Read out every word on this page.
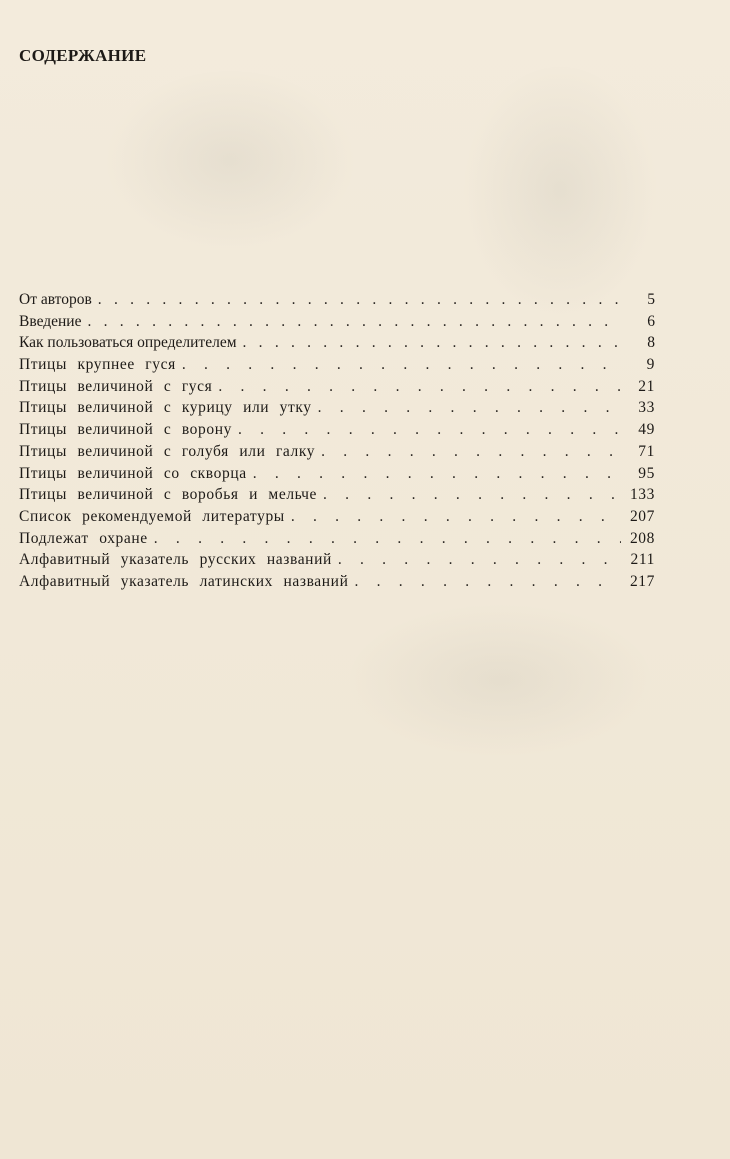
СОДЕРЖАНИЕ
От авторов . . .	5
Введение . . .	6
Как пользоваться определителем . . .	8
Птицы крупнее гуся . . .	9
Птицы величиной с гуся . . .	21
Птицы величиной с курицу или утку . . .	33
Птицы величиной с ворону . . .	49
Птицы величиной с голубя или галку . . .	71
Птицы величиной со скворца . . .	95
Птицы величиной с воробья и мельче . . .	133
Список рекомендуемой литературы . . .	207
Подлежат охране . . .	208
Алфавитный указатель русских названий . . .	211
Алфавитный указатель латинских названий . . .	217
